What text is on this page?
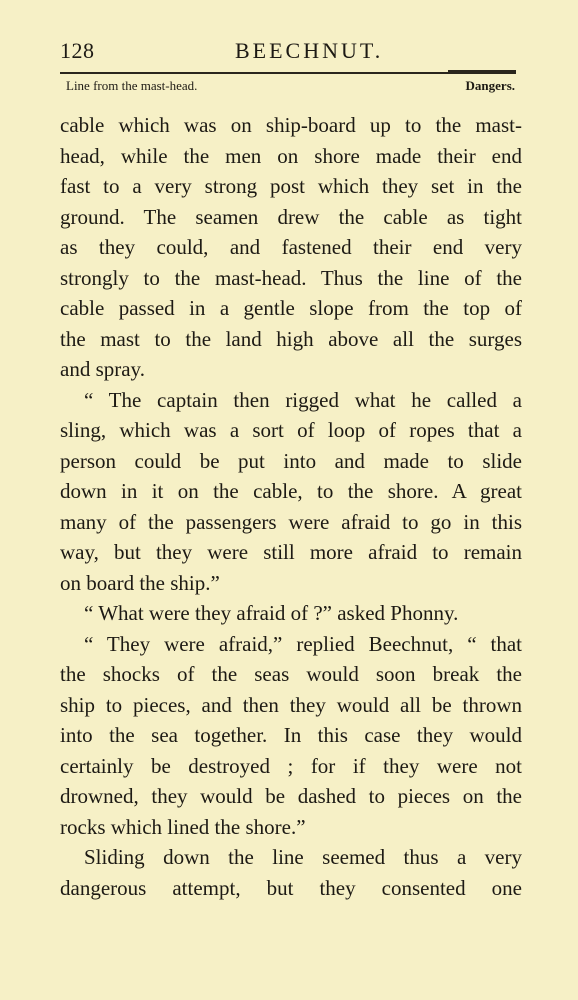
128	BEECHNUT.
Line from the mast-head.	Dangers.
cable which was on ship-board up to the mast-
head, while the men on shore made their end
fast to a very strong post which they set in the
ground. The seamen drew the cable as tight
as they could, and fastened their end very
strongly to the mast-head. Thus the line of the
cable passed in a gentle slope from the top of
the mast to the land high above all the surges
and spray.
“ The captain then rigged what he called a
sling, which was a sort of loop of ropes that a
person could be put into and made to slide
down in it on the cable, to the shore. A great
many of the passengers were afraid to go in this
way, but they were still more afraid to remain
on board the ship.”
“ What were they afraid of ?” asked Phonny.
“ They were afraid,” replied Beechnut, “ that
the shocks of the seas would soon break the
ship to pieces, and then they would all be thrown
into the sea together. In this case they would
certainly be destroyed ; for if they were not
drowned, they would be dashed to pieces on the
rocks which lined the shore.”
Sliding down the line seemed thus a very
dangerous attempt, but they consented one
